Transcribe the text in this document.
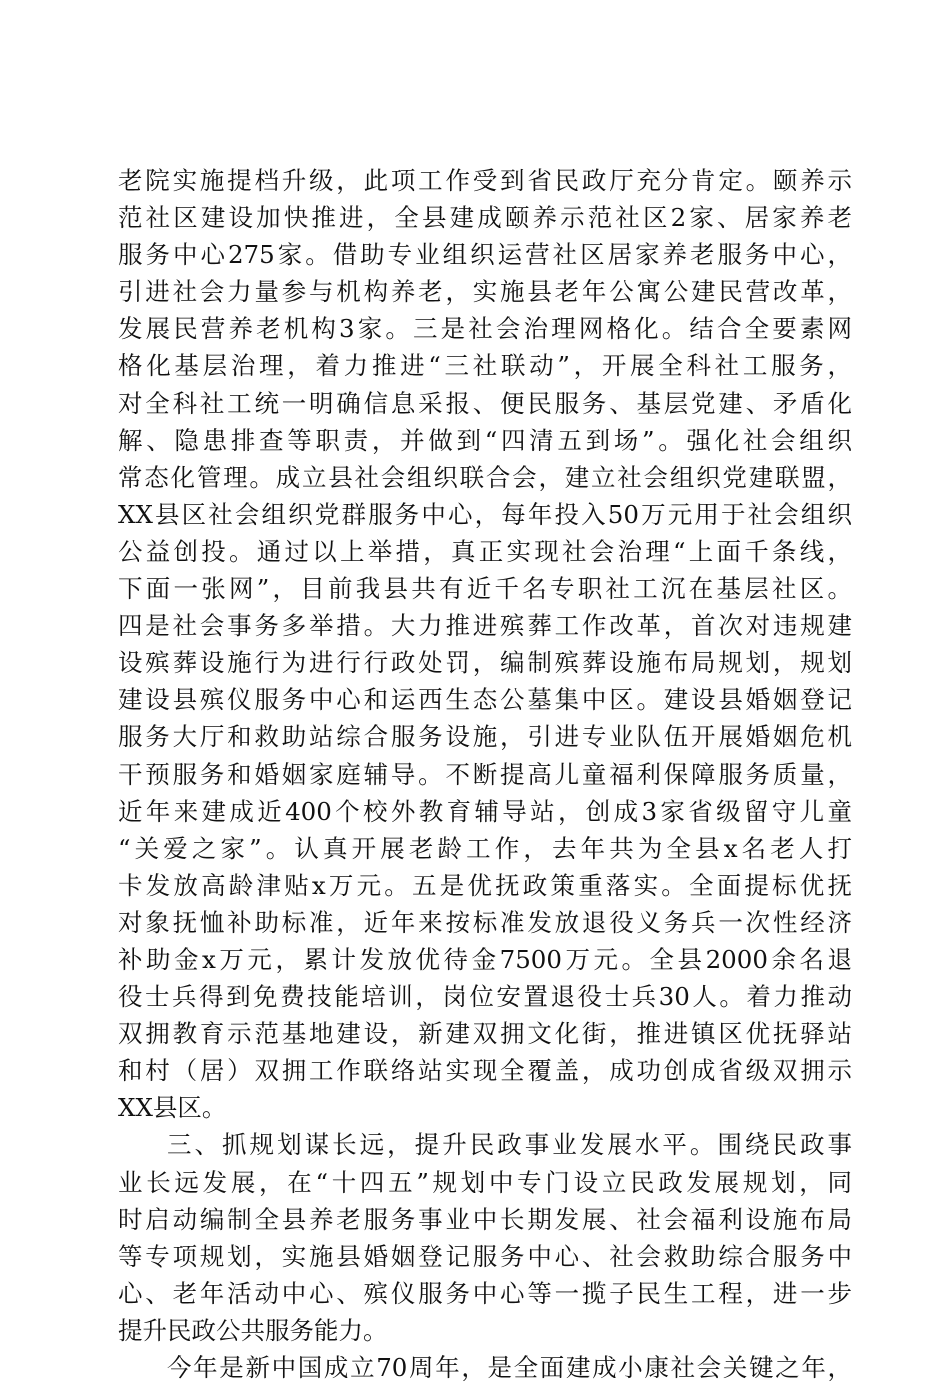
老院实施提档升级，此项工作受到省民政厅充分肯定。颐养示
范社区建设加快推进，全县建成颐养示范社区2家、居家养老
服务中心275家。借助专业组织运营社区居家养老服务中心，
引进社会力量参与机构养老，实施县老年公寓公建民营改革，
发展民营养老机构3家。三是社会治理网格化。结合全要素网
格化基层治理，着力推进“三社联动”，开展全科社工服务，
对全科社工统一明确信息采报、便民服务、基层党建、矛盾化
解、隐患排查等职责，并做到“四清五到场”。强化社会组织
常态化管理。成立县社会组织联合会，建立社会组织党建联盟，
XX县区社会组织党群服务中心，每年投入50万元用于社会组织
公益创投。通过以上举措，真正实现社会治理“上面千条线，
下面一张网”，目前我县共有近千名专职社工沉在基层社区。
四是社会事务多举措。大力推进殡葬工作改革，首次对违规建
设殡葬设施行为进行行政处罚，编制殡葬设施布局规划，规划
建设县殡仪服务中心和运西生态公墓集中区。建设县婚姻登记
服务大厅和救助站综合服务设施，引进专业队伍开展婚姻危机
干预服务和婚姻家庭辅导。不断提高儿童福利保障服务质量，
近年来建成近400个校外教育辅导站，创成3家省级留守儿童
“关爱之家”。认真开展老龄工作，去年共为全县x名老人打
卡发放高龄津贴x万元。五是优抚政策重落实。全面提标优抚
对象抚恤补助标准，近年来按标准发放退役义务兵一次性经济
补助金x万元，累计发放优待金7500万元。全县2000余名退
役士兵得到免费技能培训，岗位安置退役士兵30人。着力推动
双拥教育示范基地建设，新建双拥文化街，推进镇区优抚驿站
和村（居）双拥工作联络站实现全覆盖，成功创成省级双拥示
XX县区。
三、抓规划谋长远，提升民政事业发展水平。围绕民政事
业长远发展，在“十四五”规划中专门设立民政发展规划，同
时启动编制全县养老服务事业中长期发展、社会福利设施布局
等专项规划，实施县婚姻登记服务中心、社会救助综合服务中
心、老年活动中心、殡仪服务中心等一揽子民生工程，进一步
提升民政公共服务能力。
今年是新中国成立70周年，是全面建成小康社会关键之年，
